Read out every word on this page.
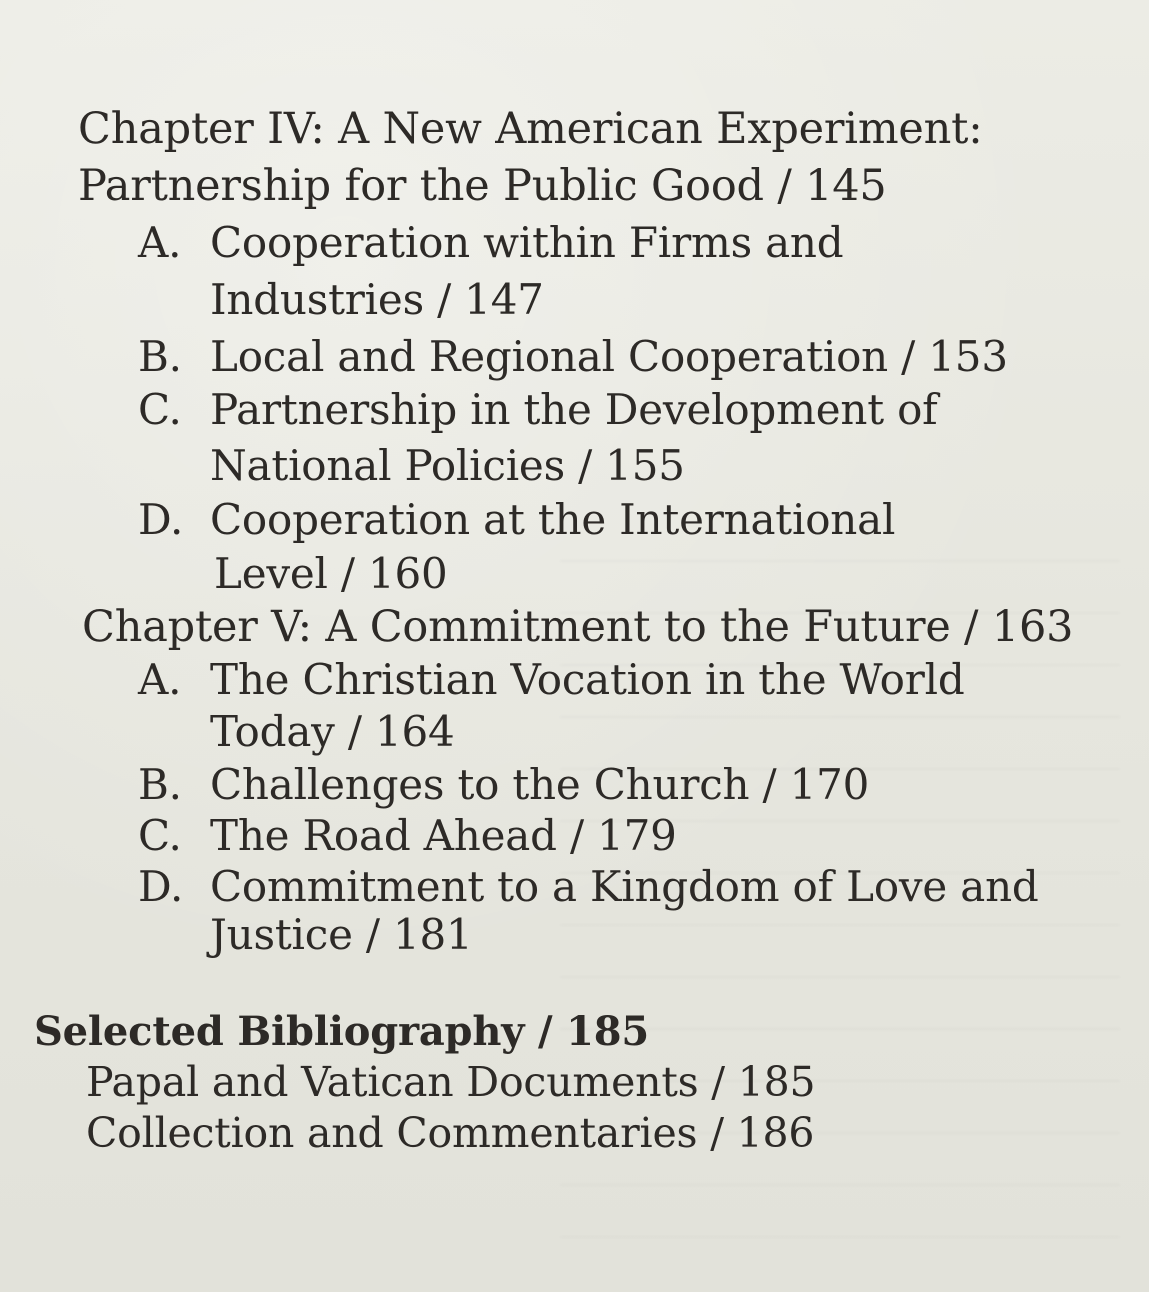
Chapter IV: A New American Experiment:
Partnership for the Public Good / 145
A. Cooperation within Firms and
Industries / 147
B. Local and Regional Cooperation / 153
C. Partnership in the Development of
National Policies / 155
D. Cooperation at the International
Level / 160
Chapter V: A Commitment to the Future / 163
A. The Christian Vocation in the World
Today / 164
B. Challenges to the Church / 170
C. The Road Ahead / 179
D. Commitment to a Kingdom of Love and
Justice / 181
Selected Bibliography / 185
Papal and Vatican Documents / 185
Collection and Commentaries / 186
